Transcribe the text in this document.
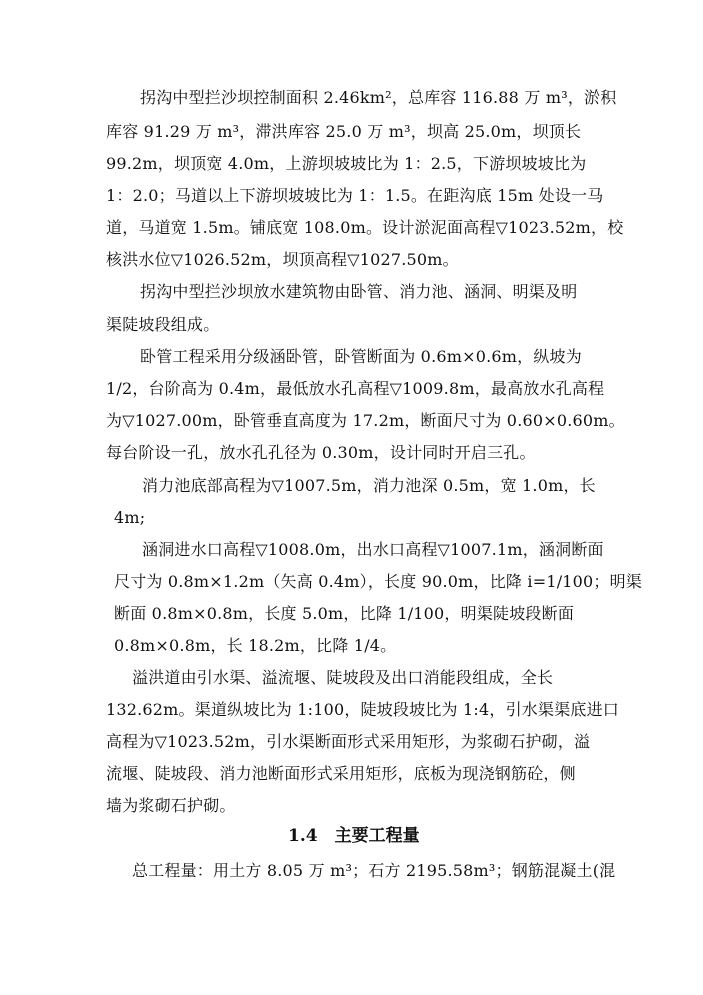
拐沟中型拦沙坝控制面积 2.46km²，总库容 116.88 万 m³，淤积
库容 91.29 万 m³，滞洪库容 25.0 万 m³，坝高 25.0m，坝顶长
99.2m，坝顶宽 4.0m，上游坝坡坡比为 1：2.5，下游坝坡坡比为
1：2.0；马道以上下游坝坡坡比为 1：1.5。在距沟底 15m 处设一马
道，马道宽 1.5m。铺底宽 108.0m。设计淤泥面高程▽1023.52m，校
核洪水位▽1026.52m，坝顶高程▽1027.50m。
拐沟中型拦沙坝放水建筑物由卧管、消力池、涵洞、明渠及明
渠陡坡段组成。
卧管工程采用分级涵卧管，卧管断面为 0.6m×0.6m，纵坡为
1/2，台阶高为 0.4m，最低放水孔高程▽1009.8m，最高放水孔高程
为▽1027.00m，卧管垂直高度为 17.2m，断面尺寸为 0.60×0.60m。
每台阶设一孔，放水孔孔径为 0.30m，设计同时开启三孔。
消力池底部高程为▽1007.5m，消力池深 0.5m，宽 1.0m，长
4m;
涵洞进水口高程▽1008.0m，出水口高程▽1007.1m，涵洞断面
尺寸为 0.8m×1.2m（矢高 0.4m），长度 90.0m，比降 i=1/100；明渠
断面 0.8m×0.8m，长度 5.0m，比降 1/100，明渠陡坡段断面
0.8m×0.8m，长 18.2m，比降 1/4。
溢洪道由引水渠、溢流堰、陡坡段及出口消能段组成，全长
132.62m。渠道纵坡比为 1:100，陡坡段坡比为 1:4，引水渠渠底进口
高程为▽1023.52m，引水渠断面形式采用矩形，为浆砌石护砌，溢
流堰、陡坡段、消力池断面形式采用矩形，底板为现浇钢筋砼，侧
墙为浆砌石护砌。
1.4　主要工程量
总工程量：用土方 8.05 万 m³；石方 2195.58m³；钢筋混凝土(混
